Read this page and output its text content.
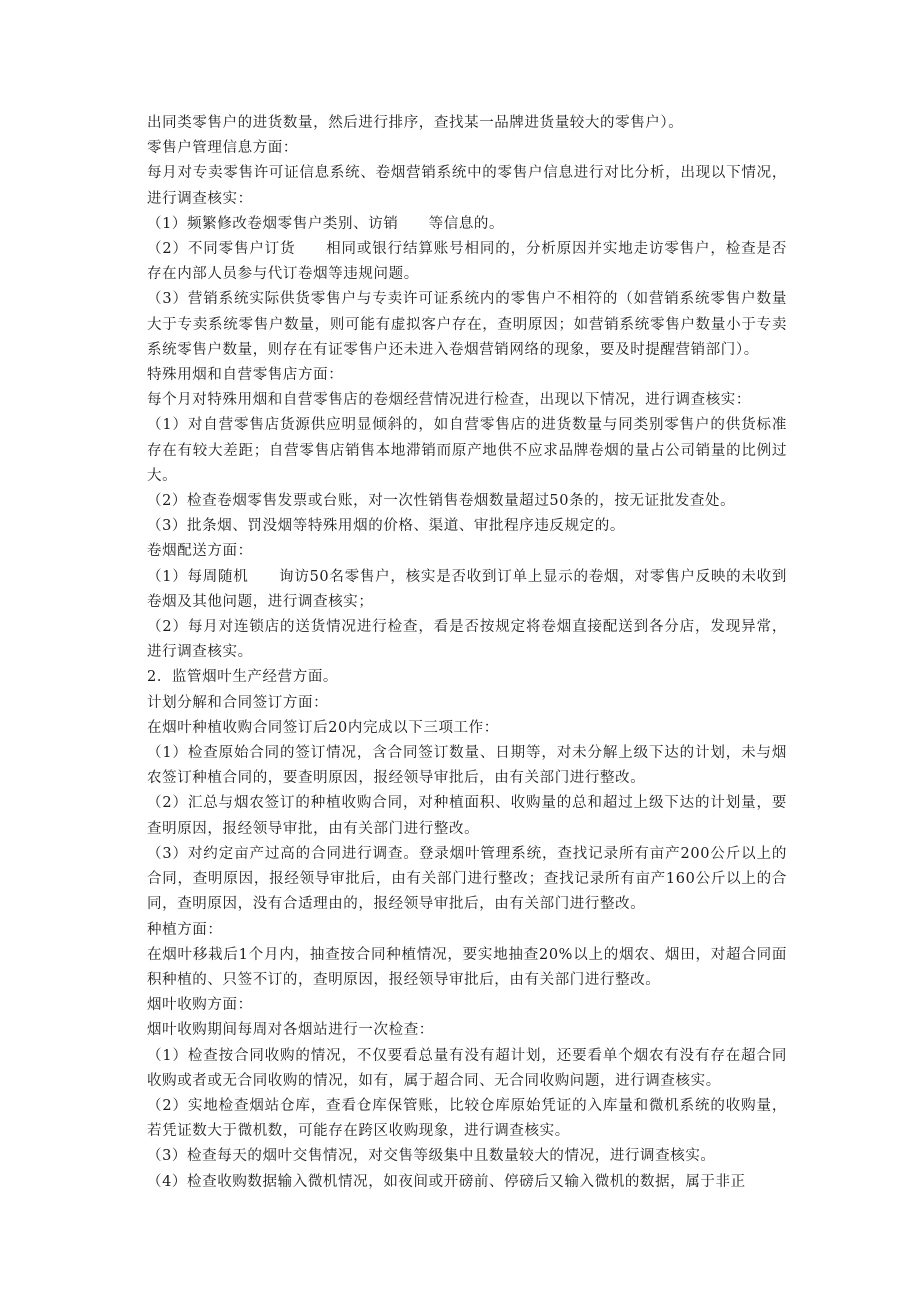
出同类零售户的进货数量，然后进行排序，查找某一品牌进货量较大的零售户）。

零售户管理信息方面：

每月对专卖零售许可证信息系统、卷烟营销系统中的零售户信息进行对比分析，出现以下情况，进行调查核实：

（1）频繁修改卷烟零售户类别、访销　　等信息的。

（2）不同零售户订货　　相同或银行结算账号相同的，分析原因并实地走访零售户，检查是否存在内部人员参与代订卷烟等违规问题。

（3）营销系统实际供货零售户与专卖许可证系统内的零售户不相符的（如营销系统零售户数量大于专卖系统零售户数量，则可能有虚拟客户存在，查明原因；如营销系统零售户数量小于专卖系统零售户数量，则存在有证零售户还未进入卷烟营销网络的现象，要及时提醒营销部门）。

特殊用烟和自营零售店方面：

每个月对特殊用烟和自营零售店的卷烟经营情况进行检查，出现以下情况，进行调查核实：

（1）对自营零售店货源供应明显倾斜的，如自营零售店的进货数量与同类别零售户的供货标准存在有较大差距；自营零售店销售本地滞销而原产地供不应求品牌卷烟的量占公司销量的比例过大。

（2）检查卷烟零售发票或台账，对一次性销售卷烟数量超过50条的，按无证批发查处。

（3）批条烟、罚没烟等特殊用烟的价格、渠道、审批程序违反规定的。

卷烟配送方面：

（1）每周随机　　询访50名零售户，核实是否收到订单上显示的卷烟，对零售户反映的未收到卷烟及其他问题，进行调查核实；

（2）每月对连锁店的送货情况进行检查，看是否按规定将卷烟直接配送到各分店，发现异常，进行调查核实。

2．监管烟叶生产经营方面。

计划分解和合同签订方面：

在烟叶种植收购合同签订后20内完成以下三项工作：

（1）检查原始合同的签订情况，含合同签订数量、日期等，对未分解上级下达的计划，未与烟农签订种植合同的，要查明原因，报经领导审批后，由有关部门进行整改。

（2）汇总与烟农签订的种植收购合同，对种植面积、收购量的总和超过上级下达的计划量，要查明原因，报经领导审批，由有关部门进行整改。

（3）对约定亩产过高的合同进行调查。登录烟叶管理系统，查找记录所有亩产200公斤以上的合同，查明原因，报经领导审批后，由有关部门进行整改；查找记录所有亩产160公斤以上的合同，查明原因，没有合适理由的，报经领导审批后，由有关部门进行整改。

种植方面：

在烟叶移栽后1个月内，抽查按合同种植情况，要实地抽查20%以上的烟农、烟田，对超合同面积种植的、只签不订的，查明原因，报经领导审批后，由有关部门进行整改。

烟叶收购方面：

烟叶收购期间每周对各烟站进行一次检查：

（1）检查按合同收购的情况，不仅要看总量有没有超计划，还要看单个烟农有没有存在超合同收购或者或无合同收购的情况，如有，属于超合同、无合同收购问题，进行调查核实。

（2）实地检查烟站仓库，查看仓库保管账，比较仓库原始凭证的入库量和微机系统的收购量，若凭证数大于微机数，可能存在跨区收购现象，进行调查核实。

（3）检查每天的烟叶交售情况，对交售等级集中且数量较大的情况，进行调查核实。

（4）检查收购数据输入微机情况，如夜间或开磅前、停磅后又输入微机的数据，属于非正
